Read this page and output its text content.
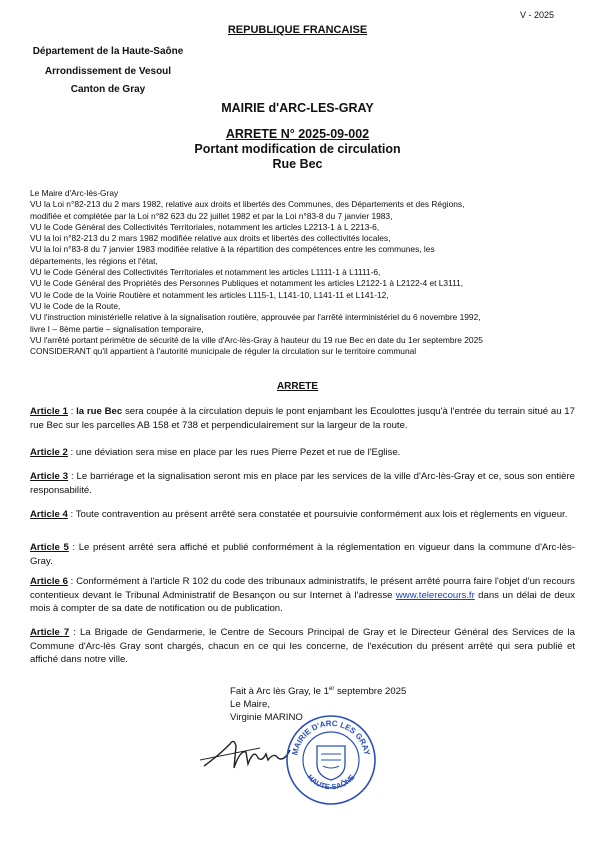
V - 2025
REPUBLIQUE FRANCAISE
Département de la Haute-Saône
Arrondissement de Vesoul
Canton de Gray
MAIRIE d'ARC-LES-GRAY
ARRETE N° 2025-09-002
Portant modification de circulation
Rue Bec
Le Maire d'Arc-lès-Gray
VU la Loi n°82-213 du 2 mars 1982, relative aux droits et libertés des Communes, des Départements et des Régions,
modifiée et complétée par la Loi n°82 623 du 22 juillet 1982 et par la Loi n°83-8 du 7 janvier 1983,
VU le Code Général des Collectivités Territoriales, notamment les articles L2213-1 à L 2213-6,
VU la loi n°82-213 du 2 mars 1982 modifiée relative aux droits et libertés des collectivités locales,
VU la loi n°83-8 du 7 janvier 1983 modifiée relative à la répartition des compétences entre les communes, les
départements, les régions et l'état,
VU le Code Général des Collectivités Territoriales et notamment les articles L1111-1 à L1111-6,
VU le Code Général des Propriétés des Personnes Publiques et notamment les articles L2122-1 à L2122-4 et L3111,
VU le Code de la Voirie Routière et notamment les articles L115-1, L141-10, L141-11 et L141-12,
VU le Code de la Route,
VU l'instruction ministérielle relative à la signalisation routière, approuvée par l'arrêté interministériel du 6 novembre 1992,
livre I – 8ème partie – signalisation temporaire,
VU l'arrêté portant périmètre de sécurité de la ville d'Arc-lès-Gray à hauteur du 19 rue Bec en date du 1er septembre 2025
CONSIDERANT qu'il appartient à l'autorité municipale de réguler la circulation sur le territoire communal
ARRETE
Article 1 : la rue Bec sera coupée à la circulation depuis le pont enjambant les Ecoulottes jusqu'à l'entrée du terrain situé au 17 rue Bec sur les parcelles AB 158 et 738 et perpendiculairement sur la largeur de la route.
Article 2 : une déviation sera mise en place par les rues Pierre Pezet et rue de l'Eglise.
Article 3 : Le barriérage et la signalisation seront mis en place par les services de la ville d'Arc-lès-Gray et ce, sous son entière responsabilité.
Article 4 : Toute contravention au présent arrêté sera constatée et poursuivie conformément aux lois et règlements en vigueur.
Article 5 : Le présent arrêté sera affiché et publié conformément à la réglementation en vigueur dans la commune d'Arc-lès-Gray.
Article 6 : Conformément à l'article R 102 du code des tribunaux administratifs, le présent arrêté pourra faire l'objet d'un recours contentieux devant le Tribunal Administratif de Besançon ou sur Internet à l'adresse www.telerecours.fr dans un délai de deux mois à compter de sa date de notification ou de publication.
Article 7 : La Brigade de Gendarmerie, le Centre de Secours Principal de Gray et le Directeur Général des Services de la Commune d'Arc-lès Gray sont chargés, chacun en ce qui les concerne, de l'exécution du présent arrêté qui sera publié et affiché dans notre ville.
Fait à Arc lès Gray, le 1er septembre 2025
Le Maire,
Virginie MARINO
MAIRIE D'ARC LES GRAY
HAUTE-SAÔNE
